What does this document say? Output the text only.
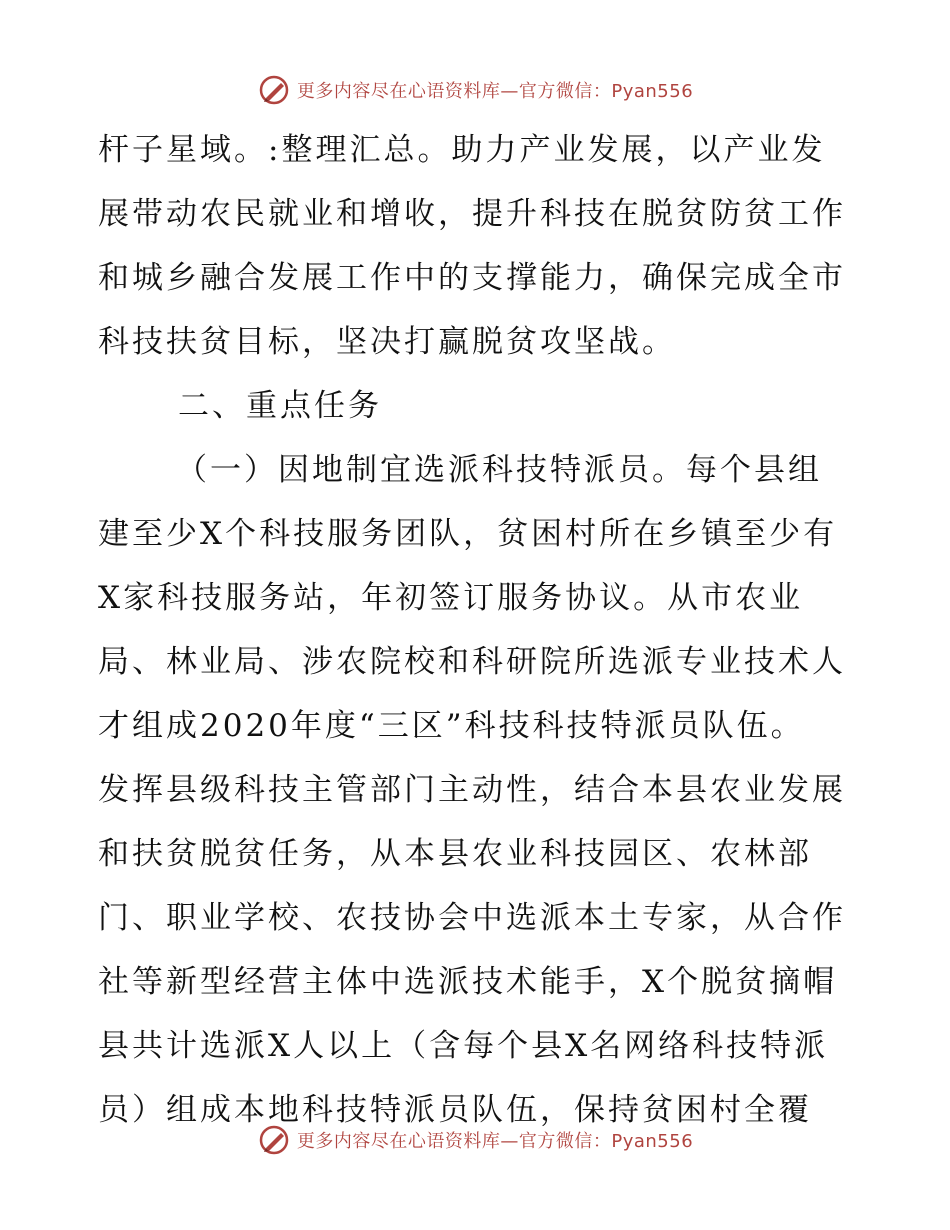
更多内容尽在心语资料库—官方微信：Pyan556
杆子星域。:整理汇总。助力产业发展，以产业发
展带动农民就业和增收，提升科技在脱贫防贫工作
和城乡融合发展工作中的支撑能力，确保完成全市
科技扶贫目标，坚决打赢脱贫攻坚战。
二、重点任务
（一）因地制宜选派科技特派员。每个县组
建至少X个科技服务团队，贫困村所在乡镇至少有
X家科技服务站，年初签订服务协议。从市农业
局、林业局、涉农院校和科研院所选派专业技术人
才组成2020年度“三区”科技科技特派员队伍。
发挥县级科技主管部门主动性，结合本县农业发展
和扶贫脱贫任务，从本县农业科技园区、农林部
门、职业学校、农技协会中选派本土专家，从合作
社等新型经营主体中选派技术能手，X个脱贫摘帽
县共计选派X人以上（含每个县X名网络科技特派
员）组成本地科技特派员队伍，保持贫困村全覆
更多内容尽在心语资料库—官方微信：Pyan556
